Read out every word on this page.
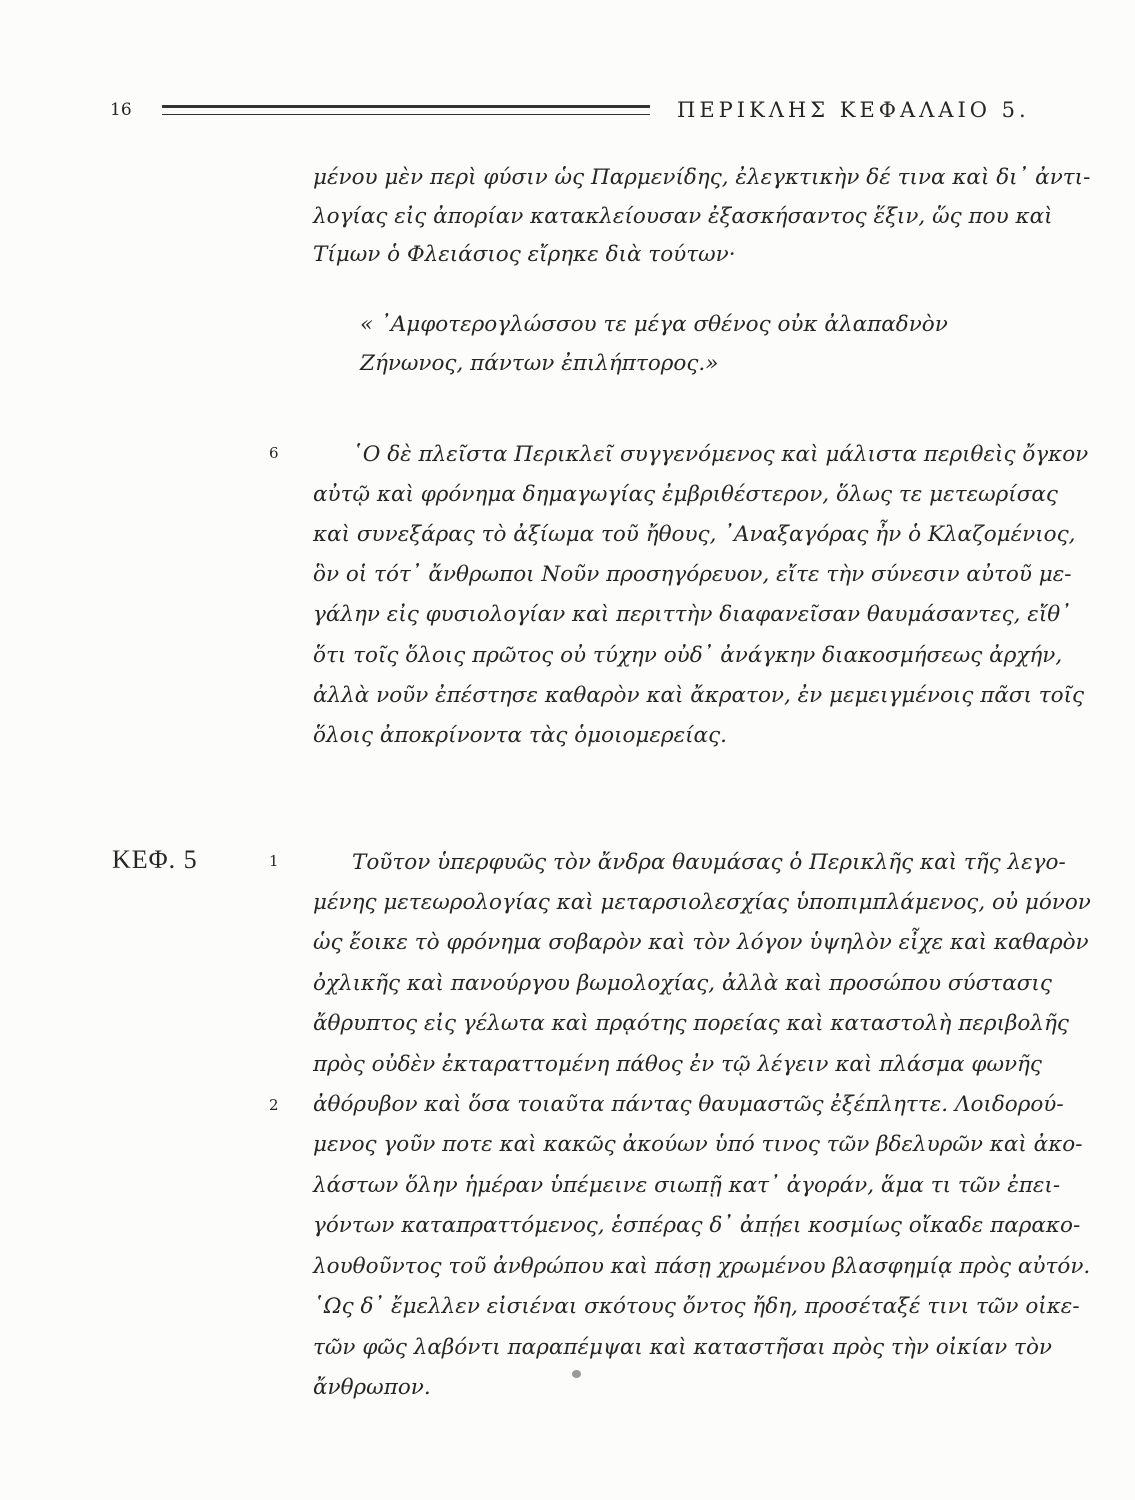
16	ΠΕΡΙΚΛΗΣ ΚΕΦΑΛΑΙΟ 5.
ΚΕΦ. 5
6
1
2
μένου μὲν περὶ φύσιν ὡς Παρμενίδης, ἐλεγκτικὴν δέ τινα καὶ δι᾽ ἀντι-
λογίας εἰς ἀπορίαν κατακλείουσαν ἐξασκήσαντος ἕξιν, ὥς που καὶ
Τίμων ὁ Φλειάσιος εἴρηκε διὰ τούτων·
« ᾿Αμφοτερογλώσσου τε μέγα σθένος οὐκ ἀλαπαδνὸν
Ζήνωνος, πάντων ἐπιλήπτορος.»
῾Ο δὲ πλεῖστα Περικλεῖ συγγενόμενος καὶ μάλιστα περιθεὶς ὄγκον
αὐτῷ καὶ φρόνημα δημαγωγίας ἐμβριθέστερον, ὅλως τε μετεωρίσας
καὶ συνεξάρας τὸ ἀξίωμα τοῦ ἤθους, ᾿Αναξαγόρας ἦν ὁ Κλαζομένιος,
ὃν οἱ τότ᾽ ἄνθρωποι Νοῦν προσηγόρευον, εἴτε τὴν σύνεσιν αὐτοῦ με-
γάλην εἰς φυσιολογίαν καὶ περιττὴν διαφανεῖσαν θαυμάσαντες, εἴθ᾽
ὅτι τοῖς ὅλοις πρῶτος οὐ τύχην οὐδ᾽ ἀνάγκην διακοσμήσεως ἀρχήν,
ἀλλὰ νοῦν ἐπέστησε καθαρὸν καὶ ἄκρατον, ἐν μεμειγμένοις πᾶσι τοῖς
ὅλοις ἀποκρίνοντα τὰς ὁμοιομερείας.
Τοῦτον ὑπερφυῶς τὸν ἄνδρα θαυμάσας ὁ Περικλῆς καὶ τῆς λεγο-
μένης μετεωρολογίας καὶ μεταρσιολεσχίας ὑποπιμπλάμενος, οὐ μόνον
ὡς ἔοικε τὸ φρόνημα σοβαρὸν καὶ τὸν λόγον ὑψηλὸν εἶχε καὶ καθαρὸν
ὀχλικῆς καὶ πανούργου βωμολοχίας, ἀλλὰ καὶ προσώπου σύστασις
ἄθρυπτος εἰς γέλωτα καὶ πρᾳότης πορείας καὶ καταστολὴ περιβολῆς
πρὸς οὐδὲν ἐκταραττομένη πάθος ἐν τῷ λέγειν καὶ πλάσμα φωνῆς
ἀθόρυβον καὶ ὅσα τοιαῦτα πάντας θαυμαστῶς ἐξέπληττε. Λοιδορού-
μενος γοῦν ποτε καὶ κακῶς ἀκούων ὑπό τινος τῶν βδελυρῶν καὶ ἀκο-
λάστων ὅλην ἡμέραν ὑπέμεινε σιωπῇ κατ᾽ ἀγοράν, ἅμα τι τῶν ἐπει-
γόντων καταπραττόμενος, ἑσπέρας δ᾽ ἀπῄει κοσμίως οἴκαδε παρακο-
λουθοῦντος τοῦ ἀνθρώπου καὶ πάσῃ χρωμένου βλασφημίᾳ πρὸς αὐτόν.
῾Ως δ᾽ ἔμελλεν εἰσιέναι σκότους ὄντος ἤδη, προσέταξέ τινι τῶν οἰκε-
τῶν φῶς λαβόντι παραπέμψαι καὶ καταστῆσαι πρὸς τὴν οἰκίαν τὸν
ἄνθρωπον.
